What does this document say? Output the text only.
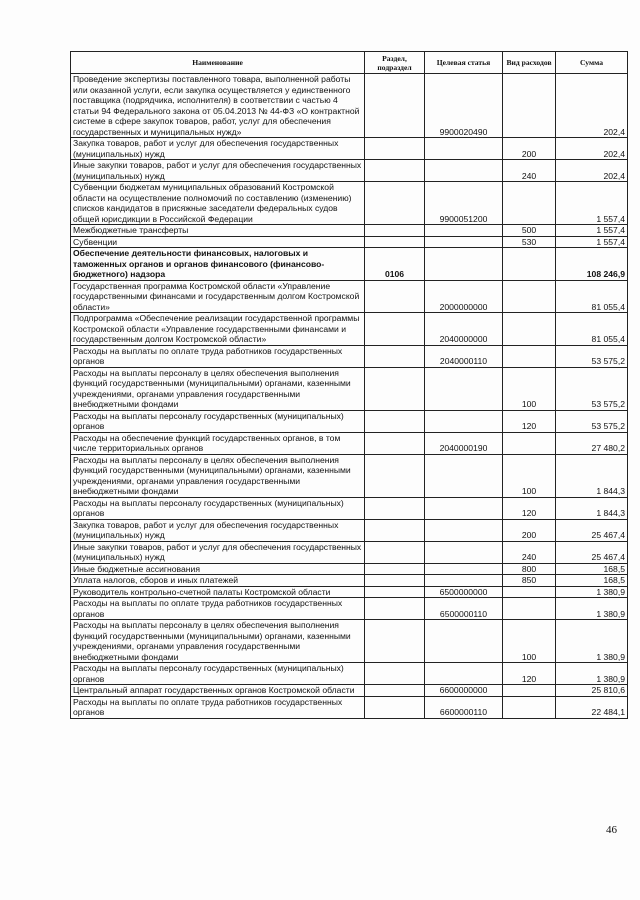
Наименование	Раздел, подраздел	Целевая статья	Вид расходов	Сумма
Проведение экспертизы поставленного товара, выполненной работы или оказанной услуги, если закупка осуществляется у единственного поставщика (подрядчика, исполнителя) в соответствии с частью 4 статьи 94 Федерального закона от 05.04.2013 № 44-ФЗ «О контрактной системе в сфере закупок товаров, работ, услуг для обеспечения государственных и муниципальных нужд»		9900020490		202,4
Закупка товаров, работ и услуг для обеспечения государственных (муниципальных) нужд			200	202,4
Иные закупки товаров, работ и услуг для обеспечения государственных (муниципальных) нужд			240	202,4
Субвенции бюджетам муниципальных образований Костромской области на осуществление полномочий по составлению (изменению) списков кандидатов в присяжные заседатели федеральных судов общей юрисдикции в Российской Федерации		9900051200		1 557,4
Межбюджетные трансферты			500	1 557,4
Субвенции			530	1 557,4
Обеспечение деятельности финансовых, налоговых и таможенных органов и органов финансового (финансово-бюджетного) надзора	0106			108 246,9
Государственная программа Костромской области «Управление государственными финансами и государственным долгом Костромской области»		2000000000		81 055,4
Подпрограмма «Обеспечение реализации государственной программы Костромской области «Управление государственными финансами и государственным долгом Костромской области»		2040000000		81 055,4
Расходы на выплаты по оплате труда работников государственных органов		2040000110		53 575,2
Расходы на выплаты персоналу в целях обеспечения выполнения функций государственными (муниципальными) органами, казенными учреждениями, органами управления государственными внебюджетными фондами			100	53 575,2
Расходы на выплаты персоналу государственных (муниципальных) органов			120	53 575,2
Расходы на обеспечение функций государственных органов, в том числе территориальных органов		2040000190		27 480,2
Расходы на выплаты персоналу в целях обеспечения выполнения функций государственными (муниципальными) органами, казенными учреждениями, органами управления государственными внебюджетными фондами			100	1 844,3
Расходы на выплаты персоналу государственных (муниципальных) органов			120	1 844,3
Закупка товаров, работ и услуг для обеспечения государственных (муниципальных) нужд			200	25 467,4
Иные закупки товаров, работ и услуг для обеспечения государственных (муниципальных) нужд			240	25 467,4
Иные бюджетные ассигнования			800	168,5
Уплата налогов, сборов и иных платежей			850	168,5
Руководитель контрольно-счетной палаты Костромской области		6500000000		1 380,9
Расходы на выплаты по оплате труда работников государственных органов		6500000110		1 380,9
Расходы на выплаты персоналу в целях обеспечения выполнения функций государственными (муниципальными) органами, казенными учреждениями, органами управления государственными внебюджетными фондами			100	1 380,9
Расходы на выплаты персоналу государственных (муниципальных) органов			120	1 380,9
Центральный аппарат государственных органов Костромской области		6600000000		25 810,6
Расходы на выплаты по оплате труда работников государственных органов		6600000110		22 484,1
46
